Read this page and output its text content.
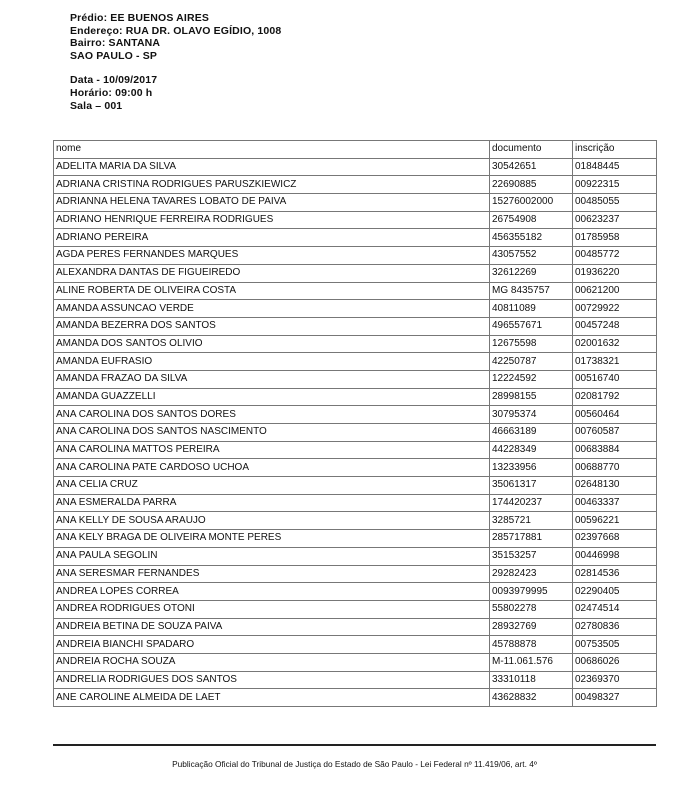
Prédio: EE BUENOS AIRES
Endereço: RUA DR. OLAVO EGÍDIO, 1008
Bairro: SANTANA
SAO PAULO - SP
Data - 10/09/2017
Horário: 09:00 h
Sala – 001
nome	documento	inscrição
ADELITA MARIA DA SILVA	30542651	01848445
ADRIANA CRISTINA RODRIGUES PARUSZKIEWICZ	22690885	00922315
ADRIANNA HELENA TAVARES LOBATO DE PAIVA	15276002000	00485055
ADRIANO HENRIQUE FERREIRA RODRIGUES	26754908	00623237
ADRIANO PEREIRA	456355182	01785958
AGDA PERES FERNANDES MARQUES	43057552	00485772
ALEXANDRA DANTAS DE FIGUEIREDO	32612269	01936220
ALINE ROBERTA DE OLIVEIRA COSTA	MG 8435757	00621200
AMANDA ASSUNCAO VERDE	40811089	00729922
AMANDA BEZERRA DOS SANTOS	496557671	00457248
AMANDA DOS SANTOS OLIVIO	12675598	02001632
AMANDA EUFRASIO	42250787	01738321
AMANDA FRAZAO DA SILVA	12224592	00516740
AMANDA GUAZZELLI	28998155	02081792
ANA CAROLINA DOS SANTOS DORES	30795374	00560464
ANA CAROLINA DOS SANTOS NASCIMENTO	46663189	00760587
ANA CAROLINA MATTOS PEREIRA	44228349	00683884
ANA CAROLINA PATE CARDOSO UCHOA	13233956	00688770
ANA CELIA CRUZ	35061317	02648130
ANA ESMERALDA PARRA	174420237	00463337
ANA KELLY DE SOUSA ARAUJO	3285721	00596221
ANA KELY BRAGA DE OLIVEIRA MONTE PERES	285717881	02397668
ANA PAULA SEGOLIN	35153257	00446998
ANA SERESMAR FERNANDES	29282423	02814536
ANDREA LOPES CORREA	0093979995	02290405
ANDREA RODRIGUES OTONI	55802278	02474514
ANDREIA BETINA DE SOUZA PAIVA	28932769	02780836
ANDREIA BIANCHI SPADARO	45788878	00753505
ANDREIA ROCHA SOUZA	M-11.061.576	00686026
ANDRELIA RODRIGUES DOS SANTOS	33310118	02369370
ANE CAROLINE ALMEIDA DE LAET	43628832	00498327
Publicação Oficial do Tribunal de Justiça do Estado de São Paulo - Lei Federal nº 11.419/06, art. 4º
